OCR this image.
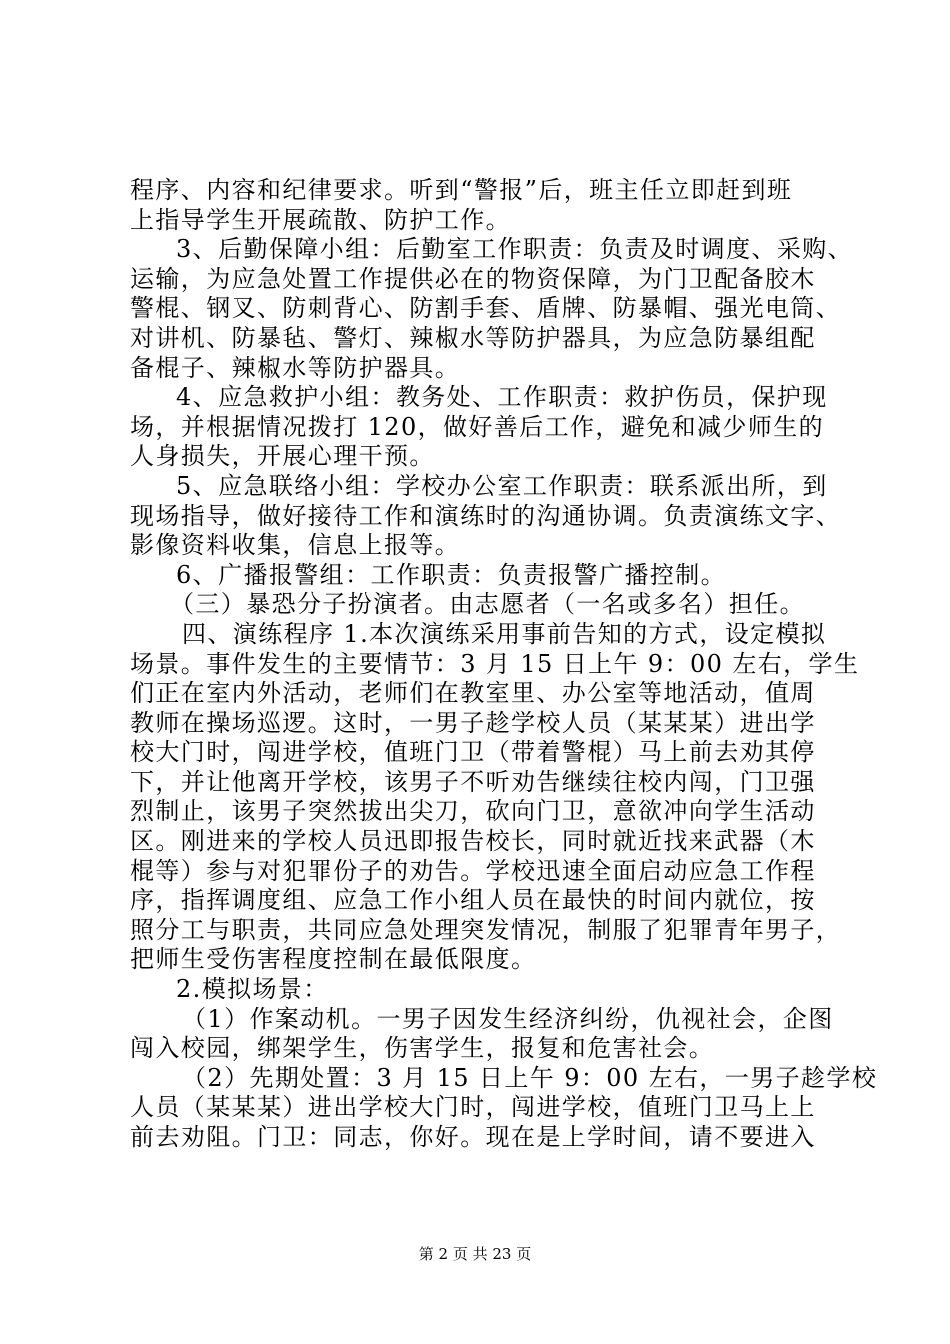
程序、内容和纪律要求。听到“警报”后，班主任立即赶到班
上指导学生开展疏散、防护工作。
3、后勤保障小组：后勤室工作职责：负责及时调度、采购、
运输，为应急处置工作提供必在的物资保障，为门卫配备胶木
警棍、钢叉、防刺背心、防割手套、盾牌、防暴帽、强光电筒、
对讲机、防暴毡、警灯、辣椒水等防护器具，为应急防暴组配
备棍子、辣椒水等防护器具。
4、应急救护小组：教务处、工作职责：救护伤员，保护现
场，并根据情况拨打 120，做好善后工作，避免和减少师生的
人身损失，开展心理干预。
5、应急联络小组：学校办公室工作职责：联系派出所，到
现场指导，做好接待工作和演练时的沟通协调。负责演练文字、
影像资料收集，信息上报等。
6、广播报警组：工作职责：负责报警广播控制。
（三）暴恐分子扮演者。由志愿者（一名或多名）担任。
四、演练程序 1.本次演练采用事前告知的方式，设定模拟
场景。事件发生的主要情节：3 月 15 日上午 9：00 左右，学生
们正在室内外活动，老师们在教室里、办公室等地活动，值周
教师在操场巡逻。这时，一男子趁学校人员（某某某）进出学
校大门时，闯进学校，值班门卫（带着警棍）马上前去劝其停
下，并让他离开学校，该男子不听劝告继续往校内闯，门卫强
烈制止，该男子突然拔出尖刀，砍向门卫，意欲冲向学生活动
区。刚进来的学校人员迅即报告校长，同时就近找来武器（木
棍等）参与对犯罪份子的劝告。学校迅速全面启动应急工作程
序，指挥调度组、应急工作小组人员在最快的时间内就位，按
照分工与职责，共同应急处理突发情况，制服了犯罪青年男子，
把师生受伤害程度控制在最低限度。
2.模拟场景：
（1）作案动机。一男子因发生经济纠纷，仇视社会，企图
闯入校园，绑架学生，伤害学生，报复和危害社会。
（2）先期处置：3 月 15 日上午 9：00 左右，一男子趁学校
人员（某某某）进出学校大门时，闯进学校，值班门卫马上上
前去劝阻。门卫：同志，你好。现在是上学时间，请不要进入
第 2 页 共 23 页
